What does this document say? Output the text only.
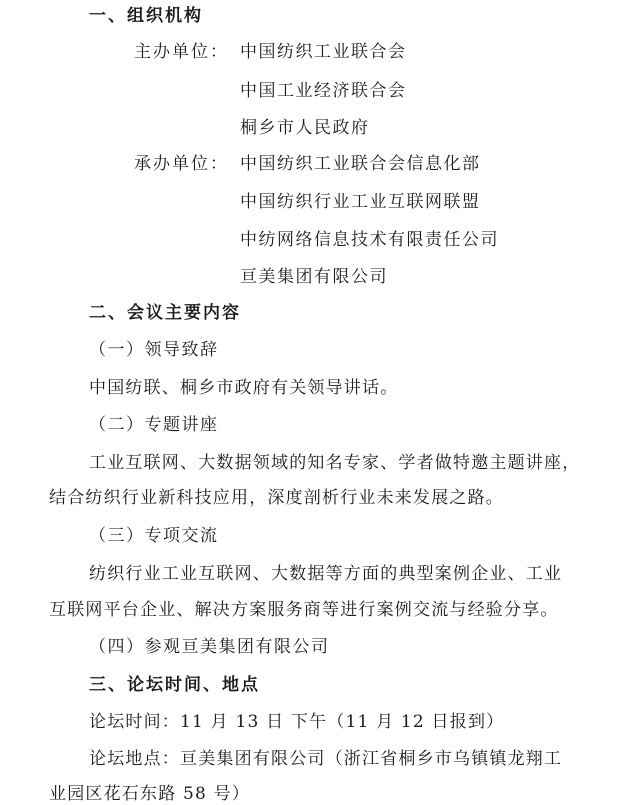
一、组织机构
主办单位： 中国纺织工业联合会
中国工业经济联合会
桐乡市人民政府
承办单位： 中国纺织工业联合会信息化部
中国纺织行业工业互联网联盟
中纺网络信息技术有限责任公司
亘美集团有限公司
二、会议主要内容
（一）领导致辞
中国纺联、桐乡市政府有关领导讲话。
（二）专题讲座
工业互联网、大数据领域的知名专家、学者做特邀主题讲座，
结合纺织行业新科技应用，深度剖析行业未来发展之路。
（三）专项交流
纺织行业工业互联网、大数据等方面的典型案例企业、工业
互联网平台企业、解决方案服务商等进行案例交流与经验分享。
（四）参观亘美集团有限公司
三、论坛时间、地点
论坛时间：11 月 13 日 下午（11 月 12 日报到）
论坛地点：亘美集团有限公司（浙江省桐乡市乌镇镇龙翔工
业园区花石东路 58 号）
